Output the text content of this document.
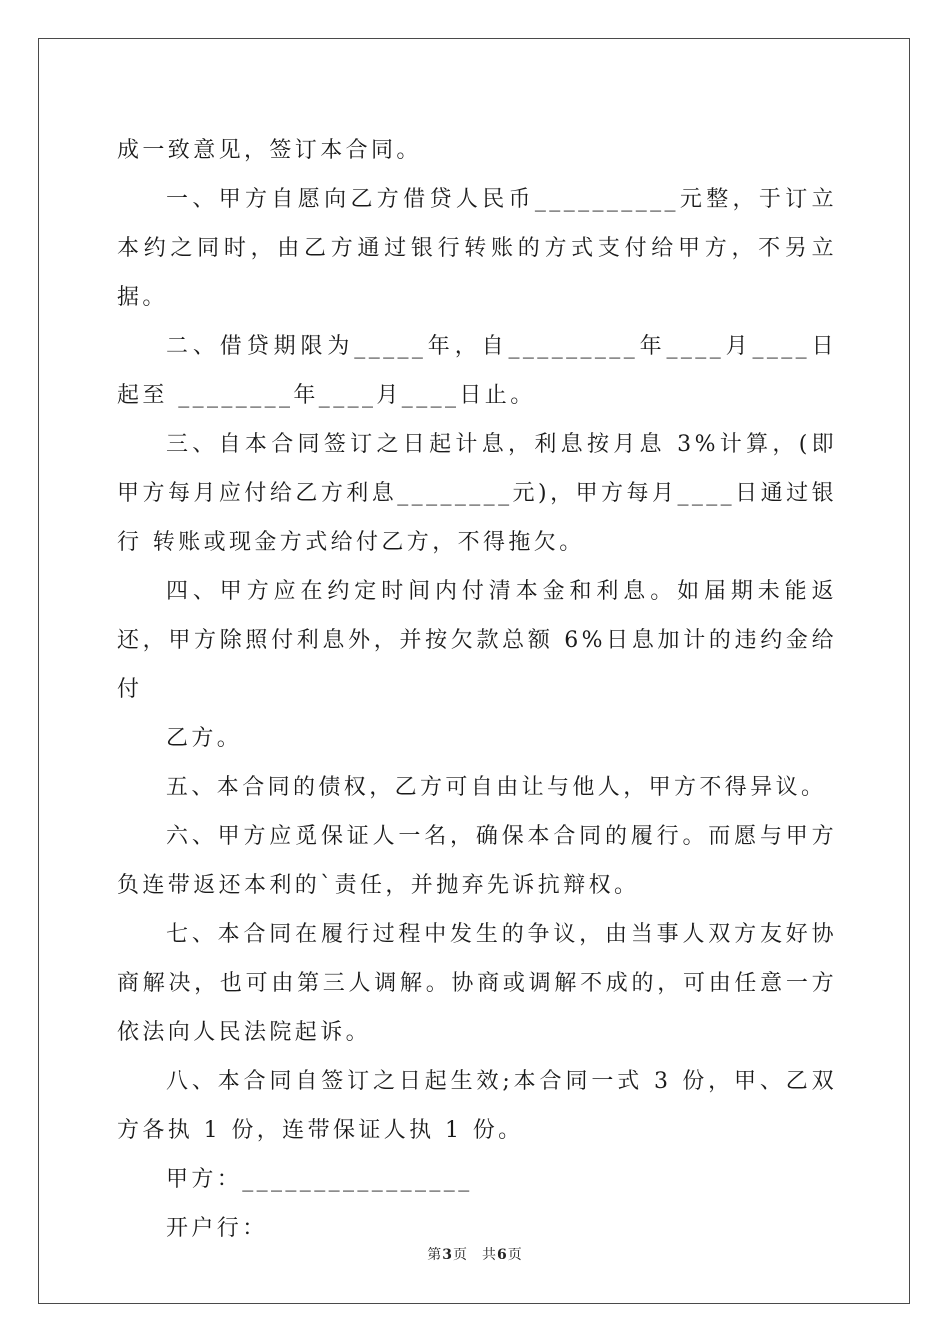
成一致意见，签订本合同。

一、甲方自愿向乙方借贷人民币__________元整，于订立本约之同时，由乙方通过银行转账的方式支付给甲方，不另立据。

二、借贷期限为_____年，自_________年____月____日起至 ________年____月____日止。

三、自本合同签订之日起计息，利息按月息 3%计算，(即甲方每月应付给乙方利息________元)，甲方每月____日通过银行 转账或现金方式给付乙方，不得拖欠。

四、甲方应在约定时间内付清本金和利息。如届期未能返还，甲方除照付利息外，并按欠款总额 6%日息加计的违约金给付

乙方。

五、本合同的债权，乙方可自由让与他人，甲方不得异议。

六、甲方应觅保证人一名，确保本合同的履行。而愿与甲方负连带返还本利的`责任，并抛弃先诉抗辩权。

七、本合同在履行过程中发生的争议，由当事人双方友好协商解决，也可由第三人调解。协商或调解不成的，可由任意一方 依法向人民法院起诉。

八、本合同自签订之日起生效;本合同一式 3 份，甲、乙双方各执 1 份，连带保证人执 1 份。

甲方：________________

开户行：

第3页 共6页
